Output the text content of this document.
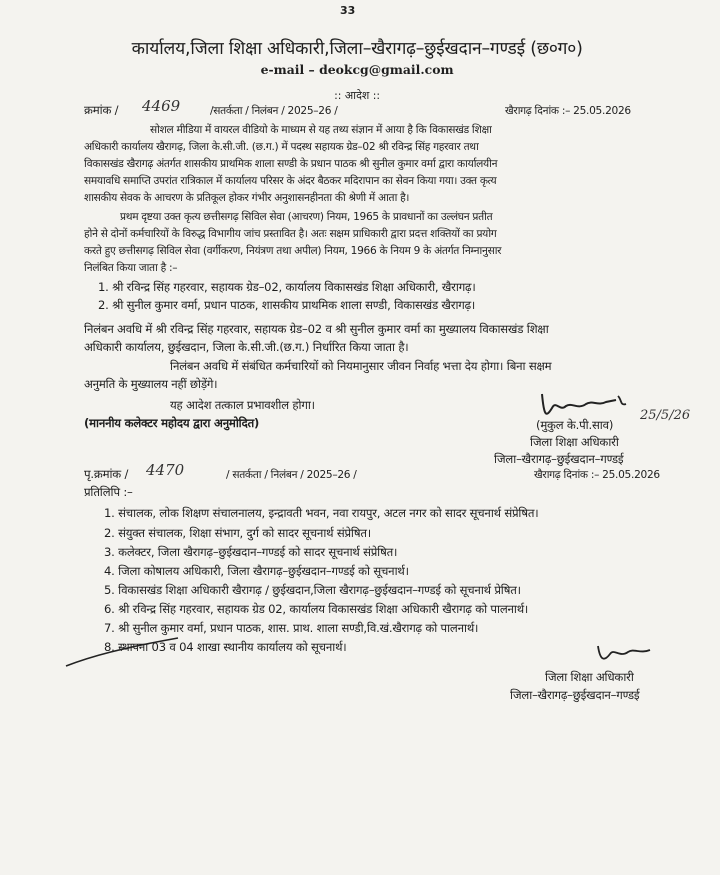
33
कार्यालय,जिला शिक्षा अधिकारी,जिला–खैरागढ़–छुईखदान–गण्डई (छ०ग०)
e-mail – deokcg@gmail.com
:: आदेश ::
क्रमांक / 4469	/सतर्कता / निलंबन / 2025–26 /	खैरागढ़ दिनांक :– 25.05.2026
सोशल मीडिया में वायरल वीडियो के माध्यम से यह तथ्य संज्ञान में आया है कि विकासखंड शिक्षा
अधिकारी कार्यालय खैरागढ़, जिला के.सी.जी. (छ.ग.) में पदस्थ सहायक ग्रेड–02 श्री रविन्द्र सिंह गहरवार तथा
विकासखंड खैरागढ़ अंतर्गत शासकीय प्राथमिक शाला सण्डी के प्रधान पाठक श्री सुनील कुमार वर्मा द्वारा कार्यालयीन
समयावधि समाप्ति उपरांत रात्रिकाल में कार्यालय परिसर के अंदर बैठकर मदिरापान का सेवन किया गया। उक्त कृत्य
शासकीय सेवक के आचरण के प्रतिकूल होकर गंभीर अनुशासनहीनता की श्रेणी में आता है।
प्रथम दृष्टया उक्त कृत्य छत्तीसगढ़ सिविल सेवा (आचरण) नियम, 1965 के प्रावधानों का उल्लंघन प्रतीत
होने से दोनों कर्मचारियों के विरुद्ध विभागीय जांच प्रस्तावित है। अतः सक्षम प्राधिकारी द्वारा प्रदत्त शक्तियों का प्रयोग
करते हुए छत्तीसगढ़ सिविल सेवा (वर्गीकरण, नियंत्रण तथा अपील) नियम, 1966 के नियम 9 के अंतर्गत निम्नानुसार
निलंबित किया जाता है :–
1. श्री रविन्द्र सिंह गहरवार, सहायक ग्रेड–02, कार्यालय विकासखंड शिक्षा अधिकारी, खैरागढ़।
2. श्री सुनील कुमार वर्मा, प्रधान पाठक, शासकीय प्राथमिक शाला सण्डी, विकासखंड खैरागढ़।
निलंबन अवधि में श्री रविन्द्र सिंह गहरवार, सहायक ग्रेड–02 व श्री सुनील कुमार वर्मा का मुख्यालय विकासखंड शिक्षा
अधिकारी कार्यालय, छुईखदान, जिला के.सी.जी.(छ.ग.) निर्धारित किया जाता है।
निलंबन अवधि में संबंधित कर्मचारियों को नियमानुसार जीवन निर्वाह भत्ता देय होगा। बिना सक्षम
अनुमति के मुख्यालय नहीं छोड़ेंगे।
यह आदेश तत्काल प्रभावशील होगा।
(माननीय कलेक्टर महोदय द्वारा अनुमोदित)	(मुकुल के.पी.साव)
25/5/26
जिला शिक्षा अधिकारी
जिला–खैरागढ़–छुईखदान–गण्डई
खैरागढ़ दिनांक :– 25.05.2026
पृ.क्रमांक / 4470	/ सतर्कता / निलंबन / 2025–26 /
प्रतिलिपि :–
1. संचालक, लोक शिक्षण संचालनालय, इन्द्रावती भवन, नवा रायपुर, अटल नगर को सादर सूचनार्थ संप्रेषित।
2. संयुक्त संचालक, शिक्षा संभाग, दुर्ग को सादर सूचनार्थ संप्रेषित।
3. कलेक्टर, जिला खैरागढ़–छुईखदान–गण्डई को सादर सूचनार्थ संप्रेषित।
4. जिला कोषालय अधिकारी, जिला खैरागढ़–छुईखदान–गण्डई को सूचनार्थ।
5. विकासखंड शिक्षा अधिकारी खैरागढ़ / छुईखदान,जिला खैरागढ़–छुईखदान–गण्डई को सूचनार्थ प्रेषित।
6. श्री रविन्द्र सिंह गहरवार, सहायक ग्रेड 02, कार्यालय विकासखंड शिक्षा अधिकारी खैरागढ़ को पालनार्थ।
7. श्री सुनील कुमार वर्मा, प्रधान पाठक, शास. प्राथ. शाला सण्डी,वि.खं.खैरागढ़ को पालनार्थ।
8. स्थापना 03 व 04 शाखा स्थानीय कार्यालय को सूचनार्थ।
जिला शिक्षा अधिकारी
जिला–खैरागढ़–छुईखदान–गण्डई
